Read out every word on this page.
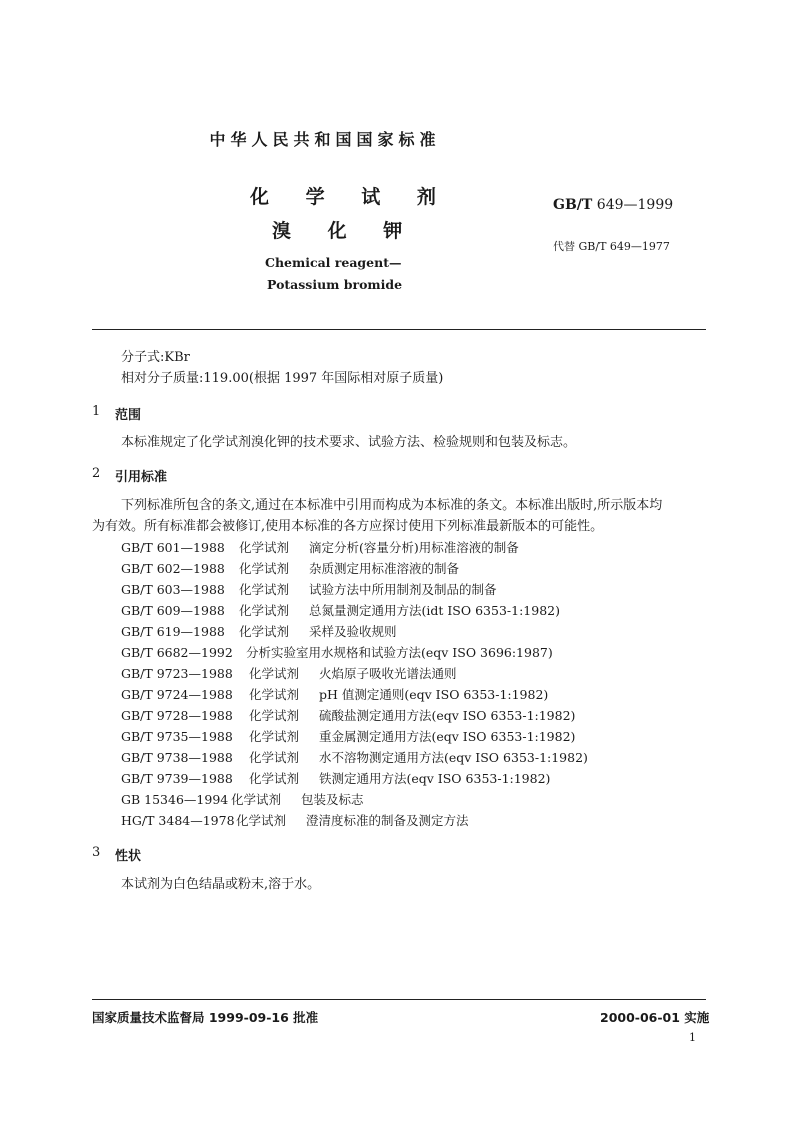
中华人民共和国国家标准
化 学 试 剂
溴 化 钾
Chemical reagent—
Potassium bromide
GB/T 649—1999
代替 GB/T 649—1977
分子式:KBr
相对分子质量:119.00(根据 1997 年国际相对原子质量)
1 范围
本标准规定了化学试剂溴化钾的技术要求、试验方法、检验规则和包装及标志。
2 引用标准
下列标准所包含的条文,通过在本标准中引用而构成为本标准的条文。本标准出版时,所示版本均
为有效。所有标准都会被修订,使用本标准的各方应探讨使用下列标准最新版本的可能性。
GB/T 601—1988 化学试剂 滴定分析(容量分析)用标准溶液的制备
GB/T 602—1988 化学试剂 杂质测定用标准溶液的制备
GB/T 603—1988 化学试剂 试验方法中所用制剂及制品的制备
GB/T 609—1988 化学试剂 总氮量测定通用方法(idt ISO 6353-1:1982)
GB/T 619—1988 化学试剂 采样及验收规则
GB/T 6682—1992 分析实验室用水规格和试验方法(eqv ISO 3696:1987)
GB/T 9723—1988 化学试剂 火焰原子吸收光谱法通则
GB/T 9724—1988 化学试剂 pH 值测定通则(eqv ISO 6353-1:1982)
GB/T 9728—1988 化学试剂 硫酸盐测定通用方法(eqv ISO 6353-1:1982)
GB/T 9735—1988 化学试剂 重金属测定通用方法(eqv ISO 6353-1:1982)
GB/T 9738—1988 化学试剂 水不溶物测定通用方法(eqv ISO 6353-1:1982)
GB/T 9739—1988 化学试剂 铁测定通用方法(eqv ISO 6353-1:1982)
GB 15346—1994 化学试剂 包装及标志
HG/T 3484—1978化学试剂 澄清度标准的制备及测定方法
3 性状
本试剂为白色结晶或粉末,溶于水。
国家质量技术监督局 1999-09-16 批准	2000-06-01 实施
1
